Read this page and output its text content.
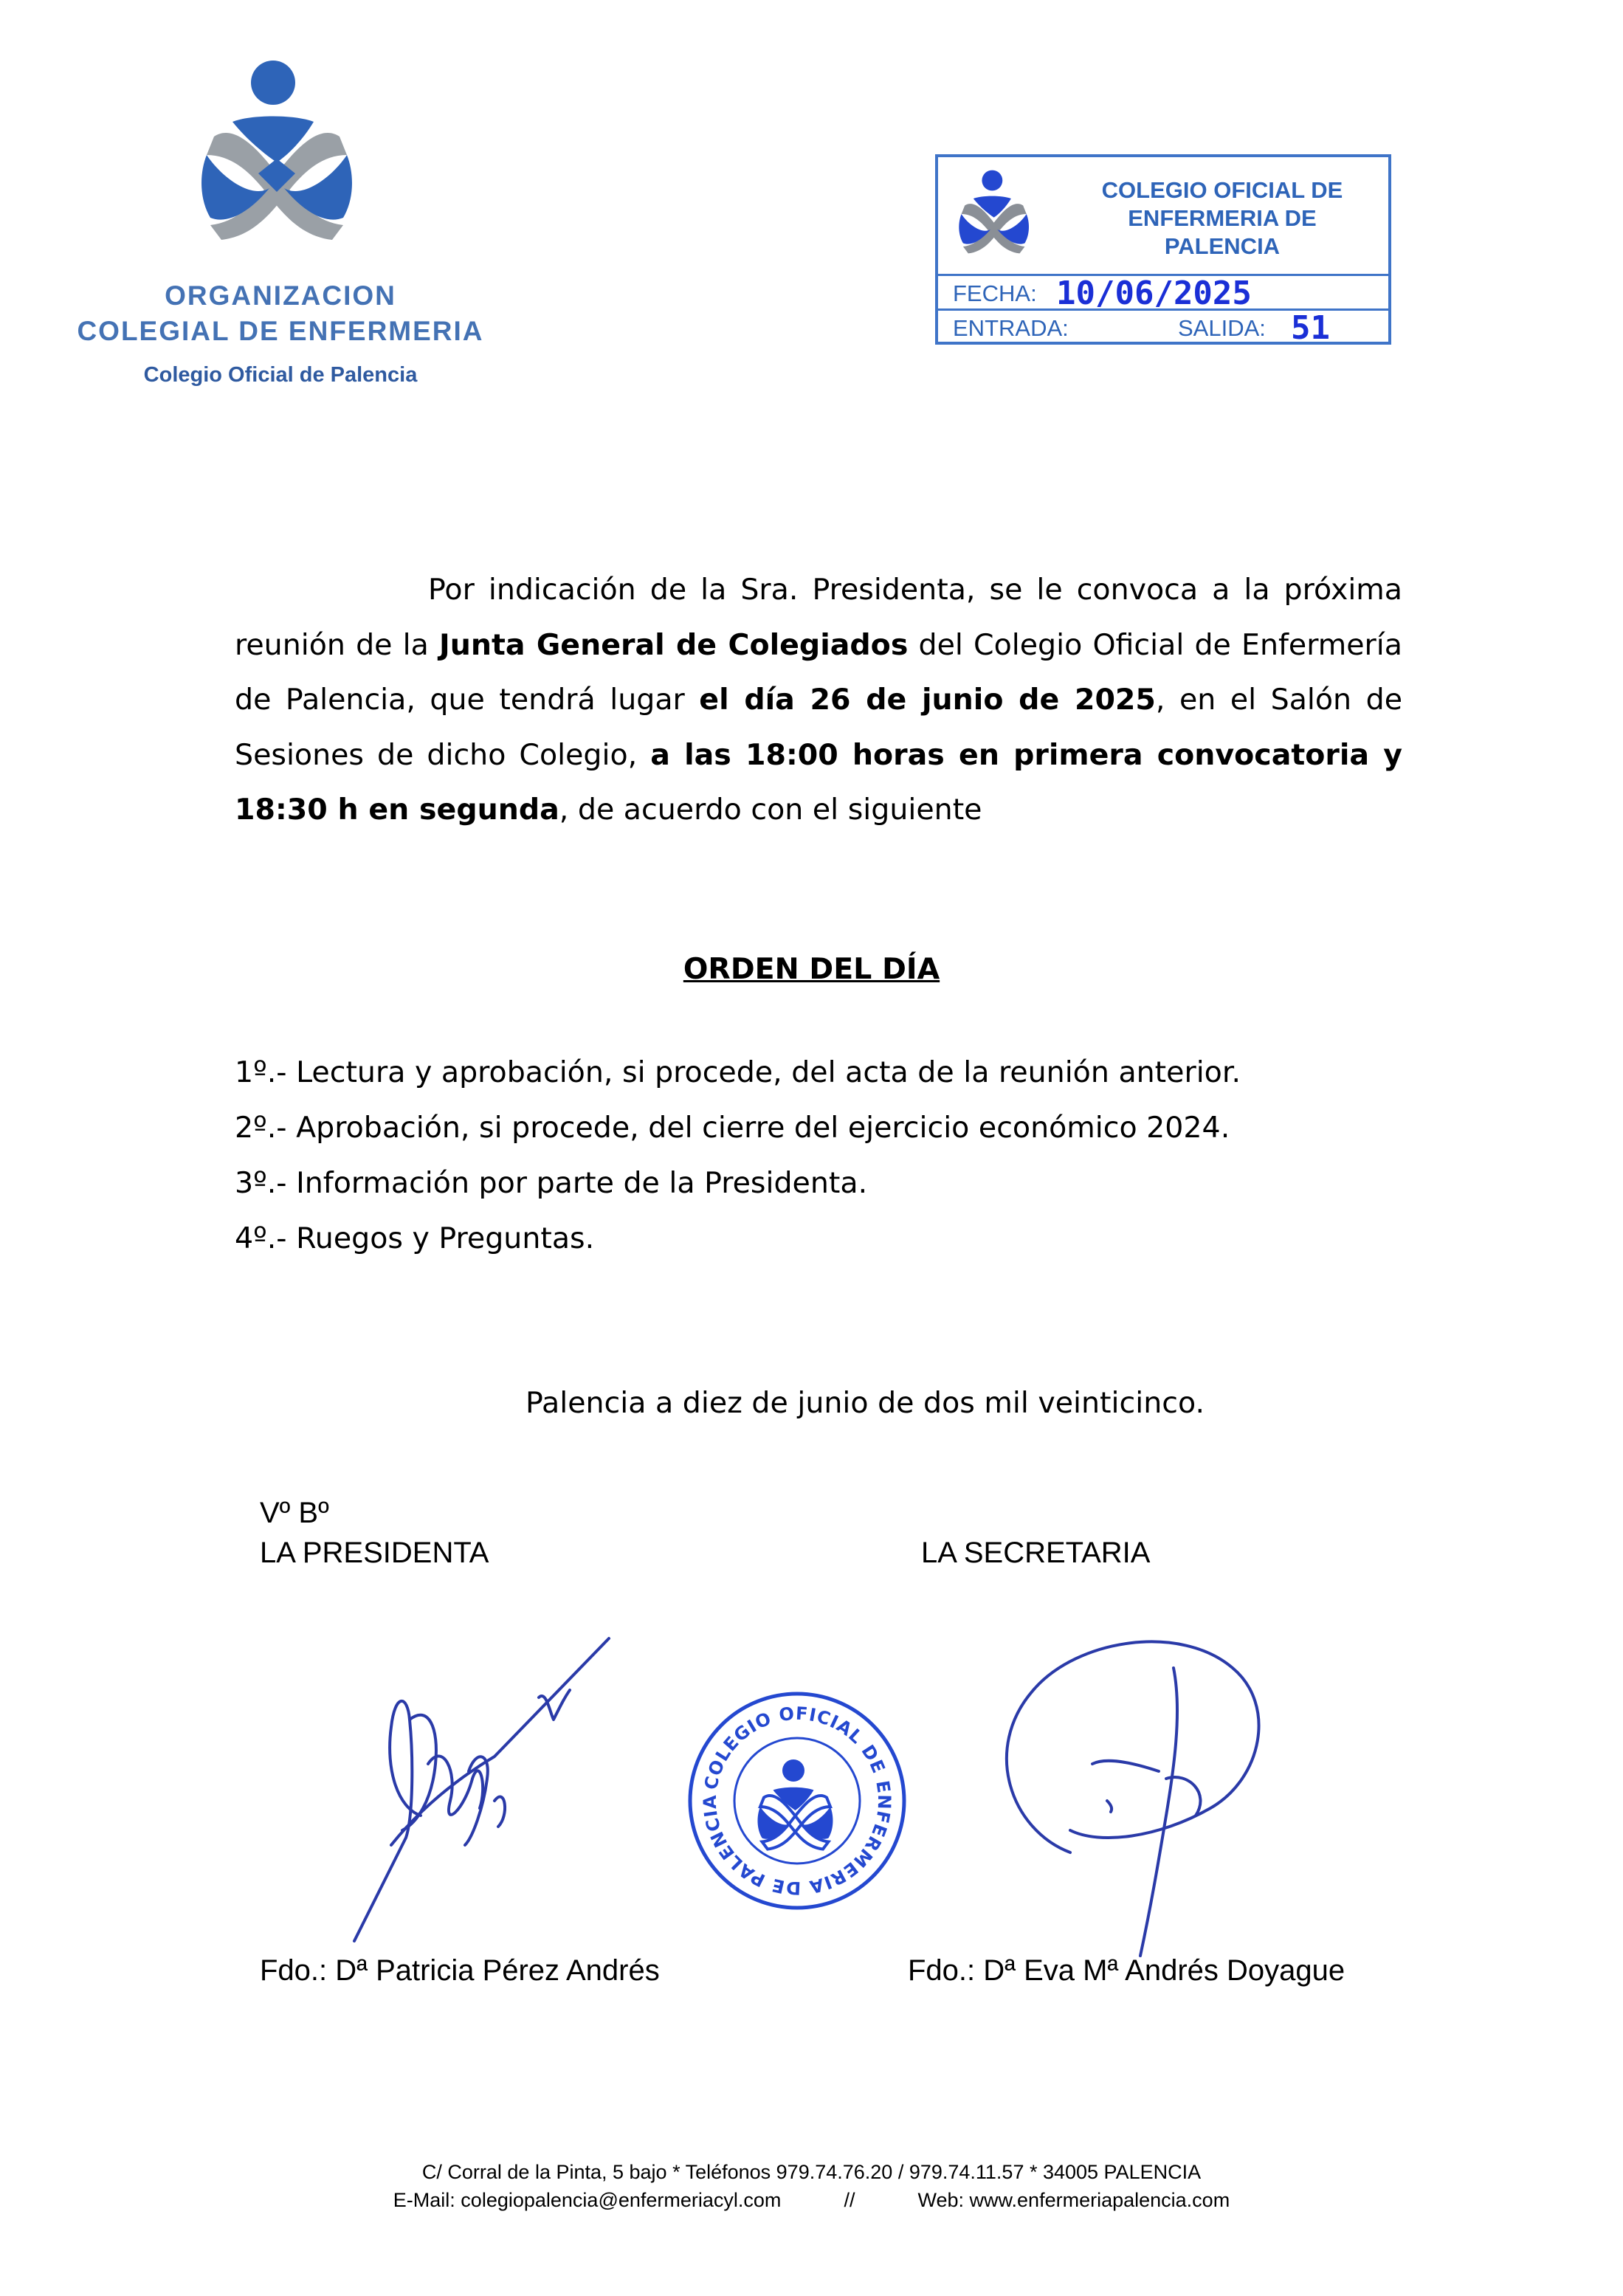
ORGANIZACION
COLEGIAL DE ENFERMERIA
Colegio Oficial de Palencia
COLEGIO OFICIAL DE
ENFERMERIA DE
PALENCIA
FECHA: 10/06/2025
ENTRADA:	SALIDA: 51
Por indicación de la Sra. Presidenta, se le convoca a la próxima reunión de la Junta General de Colegiados del Colegio Oficial de Enfermería de Palencia, que tendrá lugar el día 26 de junio de 2025, en el Salón de Sesiones de dicho Colegio, a las 18:00 horas en primera convocatoria y 18:30 h en segunda, de acuerdo con el siguiente
ORDEN DEL DÍA
1º.- Lectura y aprobación, si procede, del acta de la reunión anterior.
2º.- Aprobación, si procede, del cierre del ejercicio económico 2024.
3º.- Información por parte de la Presidenta.
4º.- Ruegos y Preguntas.
Palencia a diez de junio de dos mil veinticinco.
Vº Bº
LA PRESIDENTA	LA SECRETARIA
COLEGIO OFICIAL DE ENFERMERIA DE PALENCIA
Fdo.: Dª Patricia Pérez Andrés	Fdo.: Dª Eva Mª Andrés Doyague
C/ Corral de la Pinta, 5 bajo * Teléfonos 979.74.76.20 / 979.74.11.57 * 34005 PALENCIA
E-Mail: colegiopalencia@enfermeriacyl.com	//	Web: www.enfermeriapalencia.com
